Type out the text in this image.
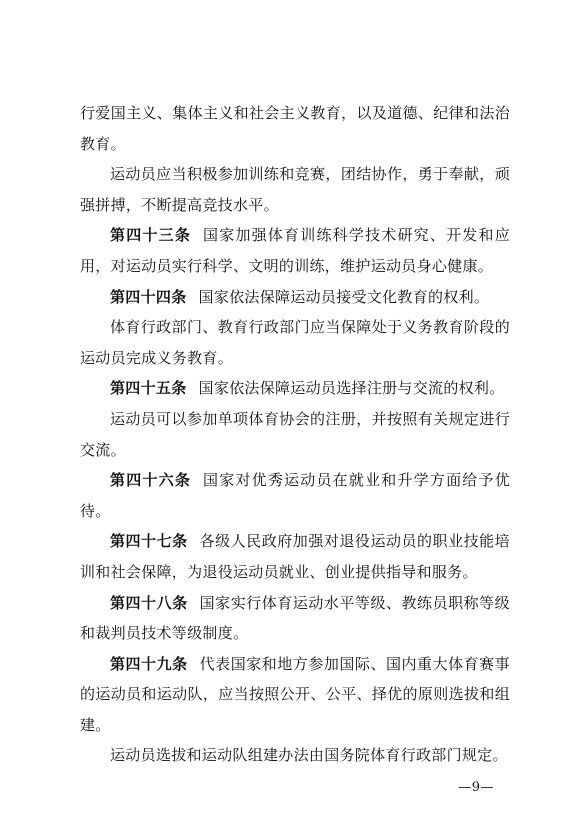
行爱国主义、集体主义和社会主义教育，以及道德、纪律和法治教育。

运动员应当积极参加训练和竞赛，团结协作，勇于奉献，顽强拼搏，不断提高竞技水平。

第四十三条 国家加强体育训练科学技术研究、开发和应用，对运动员实行科学、文明的训练，维护运动员身心健康。

第四十四条 国家依法保障运动员接受文化教育的权利。

体育行政部门、教育行政部门应当保障处于义务教育阶段的运动员完成义务教育。

第四十五条 国家依法保障运动员选择注册与交流的权利。

运动员可以参加单项体育协会的注册，并按照有关规定进行交流。

第四十六条 国家对优秀运动员在就业和升学方面给予优待。

第四十七条 各级人民政府加强对退役运动员的职业技能培训和社会保障，为退役运动员就业、创业提供指导和服务。

第四十八条 国家实行体育运动水平等级、教练员职称等级和裁判员技术等级制度。

第四十九条 代表国家和地方参加国际、国内重大体育赛事的运动员和运动队，应当按照公开、公平、择优的原则选拔和组建。

运动员选拔和运动队组建办法由国务院体育行政部门规定。

—9—
